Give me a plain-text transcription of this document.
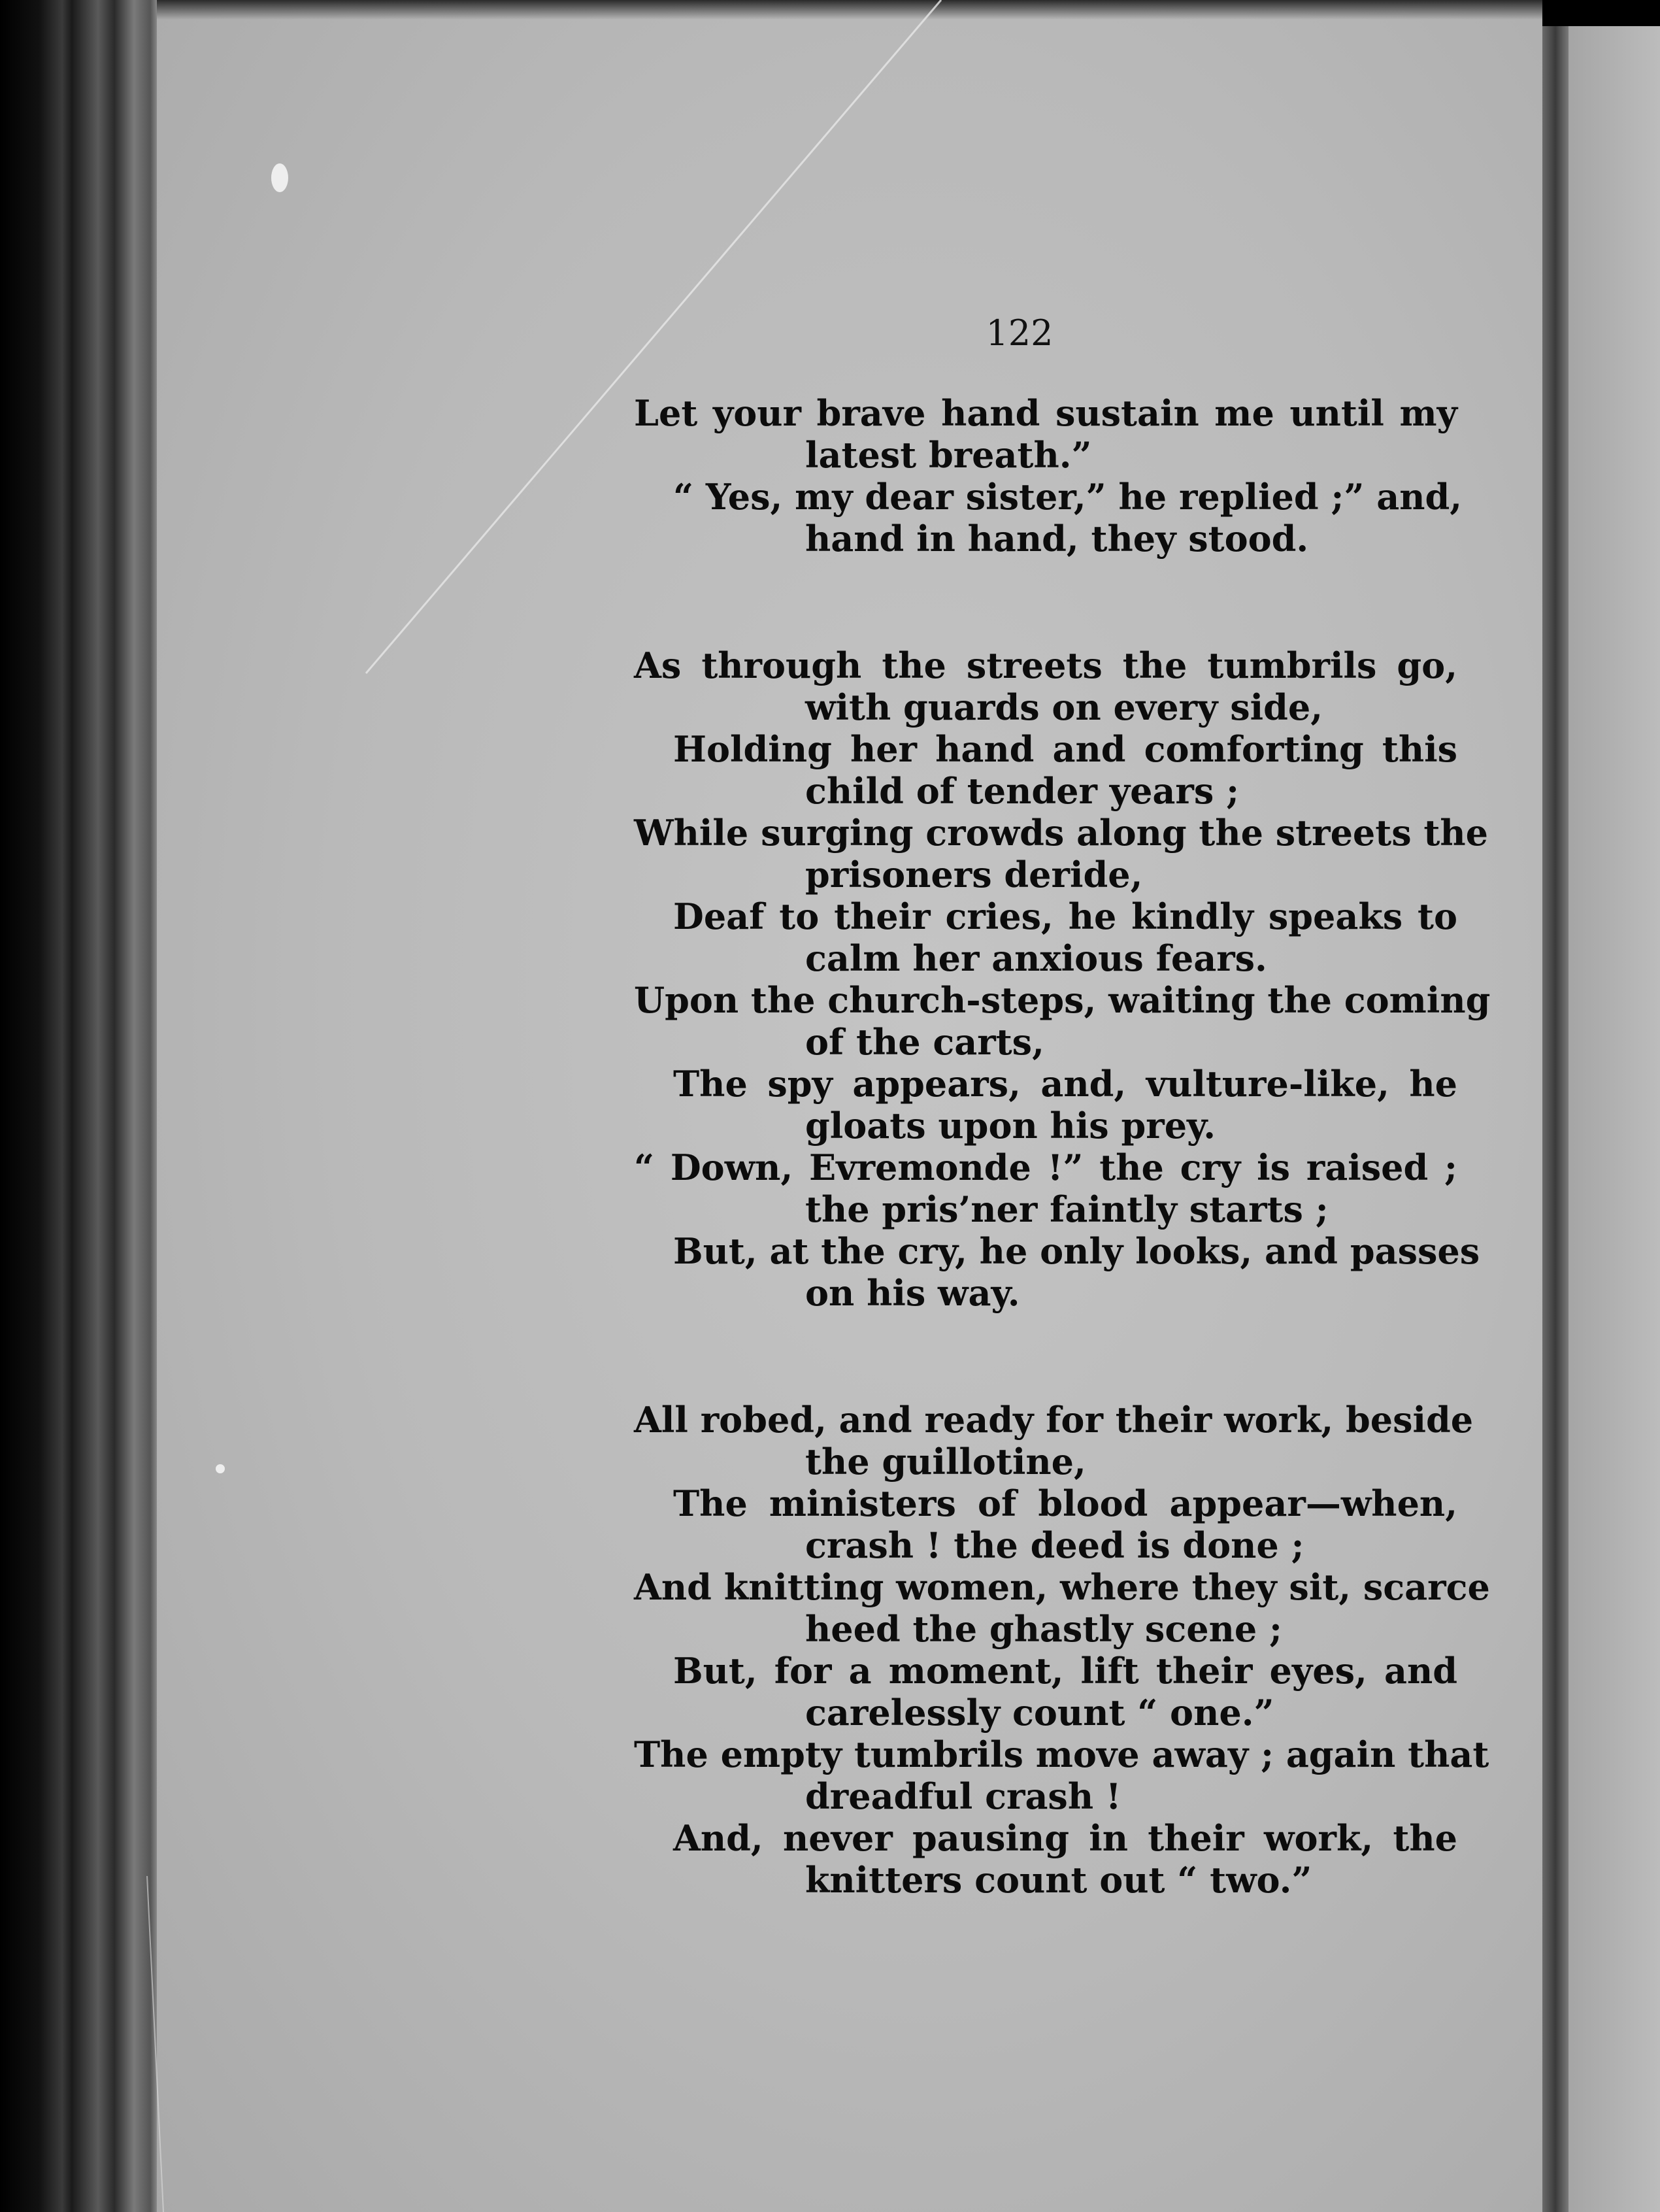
122
Let your brave hand sustain me until my
latest breath.”
“ Yes, my dear sister,” he replied ;” and,
hand in hand, they stood.
As through the streets the tumbrils go,
with guards on every side,
Holding her hand and comforting this
child of tender years ;
While surging crowds along the streets the
prisoners deride,
Deaf to their cries, he kindly speaks to
calm her anxious fears.
Upon the church-steps, waiting the coming
of the carts,
The spy appears, and, vulture-like, he
gloats upon his prey.
“ Down, Evremonde !” the cry is raised ;
the pris’ner faintly starts ;
But, at the cry, he only looks, and passes
on his way.
All robed, and ready for their work, beside
the guillotine,
The ministers of blood appear—when,
crash ! the deed is done ;
And knitting women, where they sit, scarce
heed the ghastly scene ;
But, for a moment, lift their eyes, and
carelessly count “ one.”
The empty tumbrils move away ; again that
dreadful crash !
And, never pausing in their work, the
knitters count out “ two.”
